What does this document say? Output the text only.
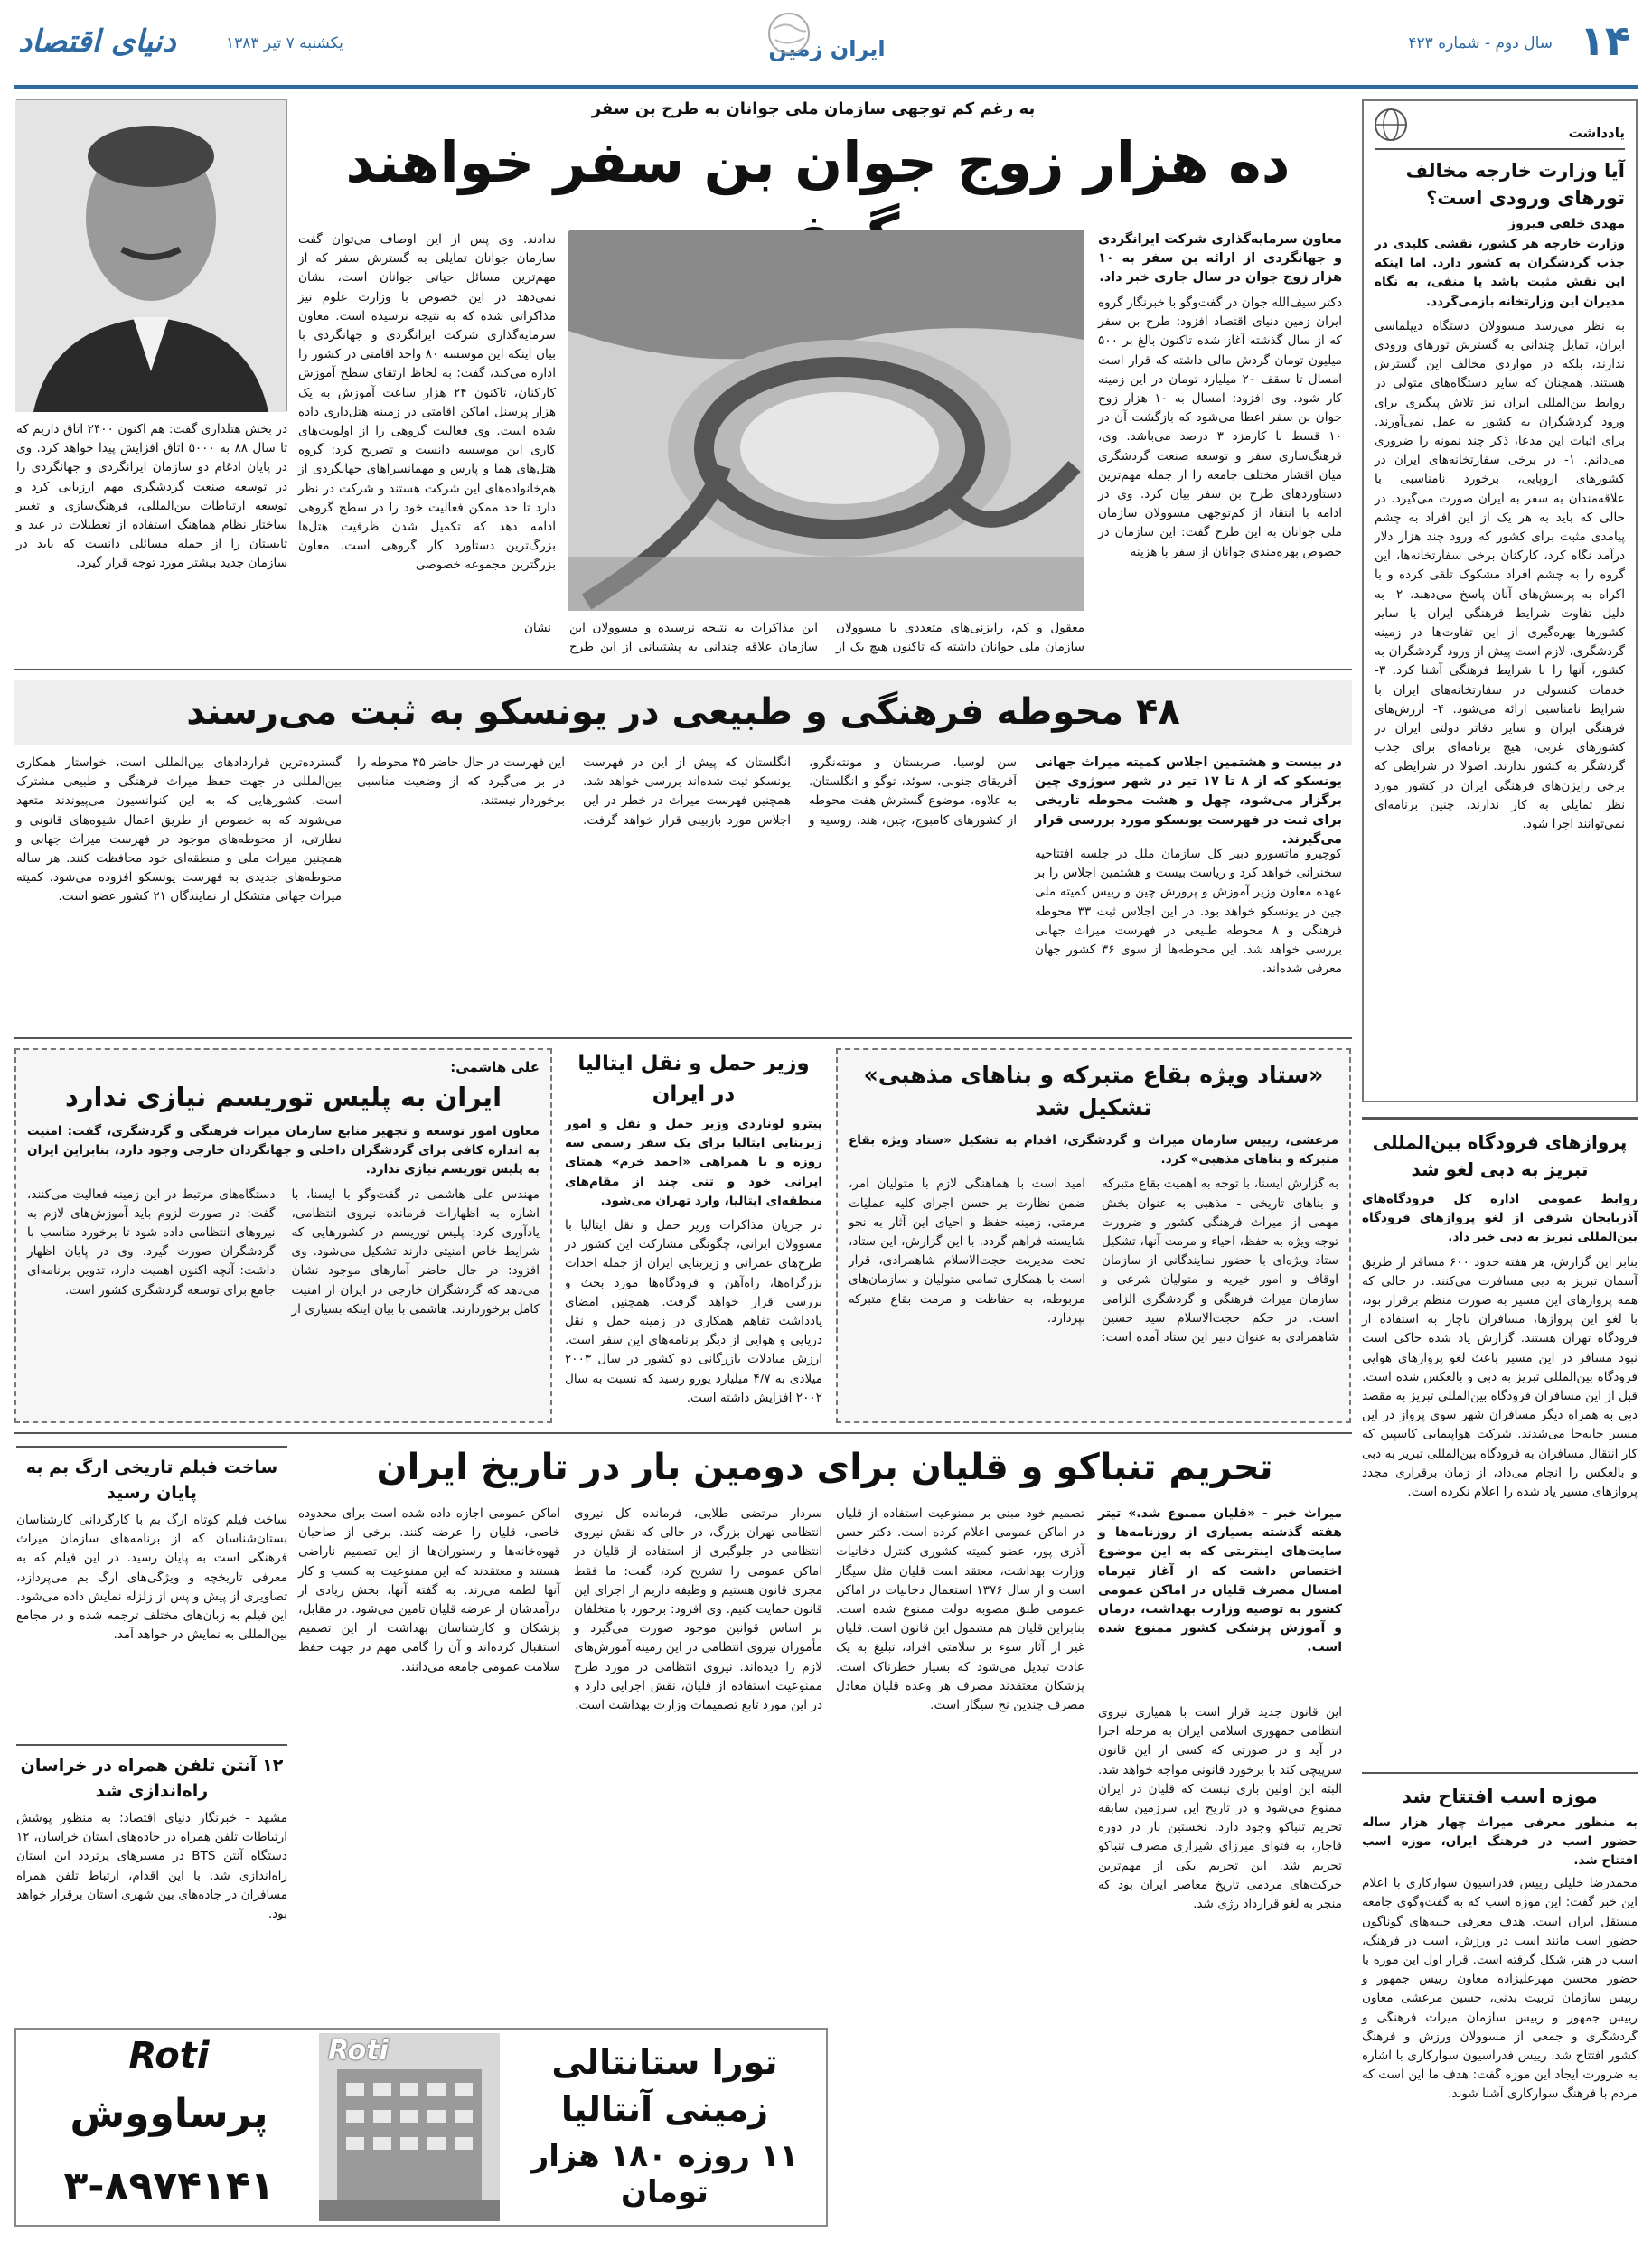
۱۴
سال دوم - شماره ۴۲۳
ایران زمین
یکشنبه ۷ تیر ۱۳۸۳
دنیای اقتصاد
یادداشت
آیا وزارت خارجه مخالف تورهای ورودی است؟
مهدی خلفی فیروز
وزارت خارجه هر کشور، نقشی کلیدی در جذب گردشگران به کشور دارد. اما اینکه این نقش مثبت باشد یا منفی، به نگاه مدیران این وزارتخانه بازمی‌گردد.
به نظر می‌رسد مسوولان دستگاه دیپلماسی ایران، تمایل چندانی به گسترش تورهای ورودی ندارند، بلکه در مواردی مخالف این گسترش هستند. همچنان که سایر دستگاه‌های متولی در روابط بین‌المللی ایران نیز تلاش پیگیری برای ورود گردشگران به کشور به عمل نمی‌آورند. برای اثبات این مدعا، ذکر چند نمونه را ضروری می‌دانم. ۱- در برخی سفارتخانه‌های ایران در کشورهای اروپایی، برخورد نامناسبی با علاقه‌مندان به سفر به ایران صورت می‌گیرد. در حالی که باید به هر یک از این افراد به چشم پیامدی مثبت برای کشور که ورود چند هزار دلار درآمد نگاه کرد، کارکنان برخی سفارتخانه‌ها، این گروه را به چشم افراد مشکوک تلقی کرده و با اکراه به پرسش‌های آنان پاسخ می‌دهند. ۲- به دلیل تفاوت شرایط فرهنگی ایران با سایر کشورها بهره‌گیری از این تفاوت‌ها در زمینه گردشگری، لازم است پیش از ورود گردشگران به کشور، آنها را با شرایط فرهنگی آشنا کرد. ۳- خدمات کنسولی در سفارتخانه‌های ایران با شرایط نامناسبی ارائه می‌شود. ۴- ارزش‌های فرهنگی ایران و سایر دفاتر دولتی ایران در کشورهای غربی، هیچ برنامه‌ای برای جذب گردشگر به کشور ندارند. اصولا در شرایطی که برخی رایزن‌های فرهنگی ایران در کشور مورد نظر تمایلی به کار ندارند، چنین برنامه‌ای نمی‌توانند اجرا شود.
پروازهای فرودگاه بین‌المللی تبریز به دبی لغو شد
روابط عمومی اداره کل فرودگاه‌های آذربایجان شرقی از لغو پروازهای فرودگاه بین‌المللی تبریز به دبی خبر داد.
بنابر این گزارش، هر هفته حدود ۶۰۰ مسافر از طریق آسمان تبریز به دبی مسافرت می‌کنند. در حالی که همه پروازهای این مسیر به صورت منظم برقرار بود، با لغو این پروازها، مسافران ناچار به استفاده از فرودگاه تهران هستند. گزارش یاد شده حاکی است نبود مسافر در این مسیر باعث لغو پروازهای هوایی فرودگاه بین‌المللی تبریز به دبی و بالعکس شده است. قبل از این مسافران فرودگاه بین‌المللی تبریز به مقصد دبی به همراه دیگر مسافران شهر سوی پرواز در این مسیر جابه‌جا می‌شدند. شرکت هواپیمایی کاسپین که کار انتقال مسافران به فرودگاه بین‌المللی تبریز به دبی و بالعکس را انجام می‌داد، از زمان برقراری مجدد پروازهای مسیر یاد شده را اعلام نکرده است.
موزه اسب افتتاح شد
به منظور معرفی میراث چهار هزار ساله حضور اسب در فرهنگ ایران، موزه اسب افتتاح شد.
محمدرضا خلیلی رییس فدراسیون سوارکاری با اعلام این خبر گفت: این موزه اسب که به گفت‌وگوی جامعه مستقل ایران است. هدف معرفی جنبه‌های گوناگون حضور اسب مانند اسب در ورزش، اسب در فرهنگ، اسب در هنر، شکل گرفته است. قرار اول این موزه با حضور محسن مهرعلیزاده معاون رییس جمهور و رییس سازمان تربیت بدنی، حسین مرعشی معاون رییس جمهور و رییس سازمان میراث فرهنگی و گردشگری و جمعی از مسوولان ورزش و فرهنگ کشور افتتاح شد. رییس فدراسیون سوارکاری با اشاره به ضرورت ایجاد این موزه گفت: هدف ما این است که مردم با فرهنگ سوارکاری آشنا شوند.
به رغم کم توجهی سازمان ملی جوانان به طرح بن سفر
ده هزار زوج جوان بن سفر خواهند
معاون سرمایه‌گذاری شرکت ایرانگردی و جهانگردی از ارائه بن سفر به ۱۰ هزار زوج جوان در سال جاری خبر داد.
دکتر سیف‌الله جوان در گفت‌وگو با خبرنگار گروه ایران زمین دنیای اقتصاد افزود: طرح بن سفر که از سال گذشته آغاز شده تاکنون بالغ بر ۵۰۰ میلیون تومان گردش مالی داشته که قرار است امسال تا سقف ۲۰ میلیارد تومان در این زمینه کار شود. وی افزود: امسال به ۱۰ هزار زوج جوان بن سفر اعطا می‌شود که بازگشت آن در ۱۰ قسط با کارمزد ۳ درصد می‌باشد. وی، فرهنگ‌سازی سفر و توسعه صنعت گردشگری میان اقشار مختلف جامعه را از جمله مهم‌ترین دستاوردهای طرح بن سفر بیان کرد. وی در ادامه با انتقاد از کم‌توجهی مسوولان سازمان ملی جوانان به این طرح گفت: این سازمان در خصوص بهره‌مندی جوانان از سفر با هزینه
معقول و کم، رایزنی‌های متعددی با مسوولان سازمان ملی جوانان داشته که تاکنون هیچ یک از این مذاکرات به نتیجه نرسیده و مسوولان این سازمان علاقه چندانی به پشتیبانی از این طرح نشان
ندادند. وی پس از این اوصاف می‌توان گفت سازمان جوانان تمایلی به گسترش سفر که از مهم‌ترین مسائل حیاتی جوانان است، نشان نمی‌دهد در این خصوص با وزارت علوم نیز مذاکراتی شده که به نتیجه نرسیده است. معاون سرمایه‌گذاری شرکت ایرانگردی و جهانگردی با بیان اینکه این موسسه ۸۰ واحد اقامتی در کشور را اداره می‌کند، گفت: به لحاظ ارتقای سطح آموزش کارکنان، تاکنون ۲۴ هزار ساعت آموزش به یک هزار پرسنل اماکن اقامتی در زمینه هتل‌داری داده شده است. وی فعالیت گروهی را از اولویت‌های کاری این موسسه دانست و تصریح کرد: گروه هتل‌های هما و پارس و مهمانسراهای جهانگردی از هم‌خانواده‌های این شرکت هستند و شرکت در نظر دارد تا حد ممکن فعالیت خود را در سطح گروهی ادامه دهد که تکمیل شدن ظرفیت هتل‌ها بزرگ‌ترین دستاورد کار گروهی است. معاون بزرگترین مجموعه خصوصی
در بخش هتلداری گفت: هم اکنون ۲۴۰۰ اتاق داریم که تا سال ۸۸ به ۵۰۰۰ اتاق افزایش پیدا خواهد کرد. وی در پایان ادغام دو سازمان ایرانگردی و جهانگردی را در توسعه صنعت گردشگری مهم ارزیابی کرد و توسعه ارتباطات بین‌المللی، فرهنگ‌سازی و تغییر ساختار نظام هماهنگ استفاده از تعطیلات در عید و تابستان را از جمله مسائلی دانست که باید در سازمان جدید بیشتر مورد توجه قرار گیرد.
۴۸ محوطه فرهنگی و طبیعی در یونسکو به ثبت می‌رسند
در بیست و هشتمین اجلاس کمیته میراث جهانی یونسکو که از ۸ تا ۱۷ تیر در شهر سوژوی چین برگزار می‌شود، چهل و هشت محوطه تاریخی برای ثبت در فهرست یونسکو مورد بررسی قرار می‌گیرند.
کوچیرو ماتسورو دبیر کل سازمان ملل در جلسه افتتاحیه سخنرانی خواهد کرد و ریاست بیست و هشتمین اجلاس را بر عهده معاون وزیر آموزش و پرورش چین و رییس کمیته ملی چین در یونسکو خواهد بود. در این اجلاس ثبت ۳۳ محوطه فرهنگی و ۸ محوطه طبیعی در فهرست میراث جهانی بررسی خواهد شد. این محوطه‌ها از سوی ۳۶ کشور جهان معرفی شده‌اند.
سن لوسیا، صربستان و مونته‌نگرو، آفریقای جنوبی، سوئد، توگو و انگلستان. به علاوه، موضوع گسترش هفت محوطه از کشورهای کامبوج، چین، هند، روسیه و انگلستان که پیش از این در فهرست یونسکو ثبت شده‌اند بررسی خواهد شد. همچنین فهرست میراث در خطر در این اجلاس مورد بازبینی قرار خواهد گرفت. این فهرست در حال حاضر ۳۵ محوطه را در بر می‌گیرد که از وضعیت مناسبی برخوردار نیستند.
گسترده‌ترین قراردادهای بین‌المللی است، خواستار همکاری بین‌المللی در جهت حفظ میراث فرهنگی و طبیعی مشترک است. کشورهایی که به این کنوانسیون می‌پیوندند متعهد می‌شوند که به خصوص از طریق اعمال شیوه‌های قانونی و نظارتی، از محوطه‌های موجود در فهرست میراث جهانی و همچنین میراث ملی و منطقه‌ای خود محافظت کنند. هر ساله محوطه‌های جدیدی به فهرست یونسکو افزوده می‌شود. کمیته میراث جهانی متشکل از نمایندگان ۲۱ کشور عضو است.
«ستاد ویژه بقاع متبرکه و بناهای مذهبی» تشکیل شد
مرعشی، رییس سازمان میراث و گردشگری، اقدام به تشکیل «ستاد ویژه بقاع متبرکه و بناهای مذهبی» کرد.
به گزارش ایسنا، با توجه به اهمیت بقاع متبرکه و بناهای تاریخی - مذهبی به عنوان بخش مهمی از میراث فرهنگی کشور و ضرورت توجه ویژه به حفظ، احیاء و مرمت آنها، تشکیل ستاد ویژه‌ای با حضور نمایندگانی از سازمان اوقاف و امور خیریه و متولیان شرعی و سازمان میراث فرهنگی و گردشگری الزامی است. در حکم حجت‌الاسلام سید حسین شاهمرادی به عنوان دبیر این ستاد آمده است: امید است با هماهنگی لازم با متولیان امر، ضمن نظارت بر حسن اجرای کلیه عملیات مرمتی، زمینه حفظ و احیای این آثار به نحو شایسته فراهم گردد. با این گزارش، این ستاد، تحت مدیریت حجت‌الاسلام شاهمرادی، قرار است با همکاری تمامی متولیان و سازمان‌های مربوطه، به حفاظت و مرمت بقاع متبرکه بپردازد.
وزیر حمل و نقل ایتالیا در ایران
پیترو لوناردی وزیر حمل و نقل و امور زیربنایی ایتالیا برای یک سفر رسمی سه روزه و با همراهی «احمد خرم» همتای ایرانی خود و تنی چند از مقام‌های منطقه‌ای ایتالیا، وارد تهران می‌شود.
در جریان مذاکرات وزیر حمل و نقل ایتالیا با مسوولان ایرانی، چگونگی مشارکت این کشور در طرح‌های عمرانی و زیربنایی ایران از جمله احداث بزرگراه‌ها، راه‌آهن و فرودگاه‌ها مورد بحث و بررسی قرار خواهد گرفت. همچنین امضای یادداشت تفاهم همکاری در زمینه حمل و نقل دریایی و هوایی از دیگر برنامه‌های این سفر است. ارزش مبادلات بازرگانی دو کشور در سال ۲۰۰۳ میلادی به ۴/۷ میلیارد یورو رسید که نسبت به سال ۲۰۰۲ افزایش داشته است.
علی هاشمی:
ایران به پلیس توریسم نیازی ندارد
معاون امور توسعه و تجهیز منابع سازمان میراث فرهنگی و گردشگری، گفت: امنیت به اندازه کافی برای گردشگران داخلی و جهانگردان خارجی وجود دارد، بنابراین ایران به پلیس توریسم نیازی ندارد.
مهندس علی هاشمی در گفت‌وگو با ایسنا، با اشاره به اظهارات فرمانده نیروی انتظامی، یادآوری کرد: پلیس توریسم در کشورهایی که شرایط خاص امنیتی دارند تشکیل می‌شود. وی افزود: در حال حاضر آمارهای موجود نشان می‌دهد که گردشگران خارجی در ایران از امنیت کامل برخوردارند. هاشمی با بیان اینکه بسیاری از دستگاه‌های مرتبط در این زمینه فعالیت می‌کنند، گفت: در صورت لزوم باید آموزش‌های لازم به نیروهای انتظامی داده شود تا برخورد مناسب با گردشگران صورت گیرد. وی در پایان اظهار داشت: آنچه اکنون اهمیت دارد، تدوین برنامه‌ای جامع برای توسعه گردشگری کشور است.
تحریم تنباکو و قلیان برای دومین بار در تاریخ ایران
میراث خبر - «قلیان ممنوع شد.» تیتر هفته گذشته بسیاری از روزنامه‌ها و سایت‌های اینترنتی که به این موضوع اختصاص داشت که از آغاز تیرماه امسال مصرف قلیان در اماکن عمومی کشور به توصیه وزارت بهداشت، درمان و آموزش پزشکی کشور ممنوع شده است.
این قانون جدید قرار است با همیاری نیروی انتظامی جمهوری اسلامی ایران به مرحله اجرا در آید و در صورتی که کسی از این قانون سرپیچی کند با برخورد قانونی مواجه خواهد شد. البته این اولین باری نیست که قلیان در ایران ممنوع می‌شود و در تاریخ این سرزمین سابقه تحریم تنباکو وجود دارد. نخستین بار در دوره قاجار، به فتوای میرزای شیرازی مصرف تنباکو تحریم شد. این تحریم یکی از مهم‌ترین حرکت‌های مردمی تاریخ معاصر ایران بود که منجر به لغو قرارداد رژی شد.
تصمیم خود مبنی بر ممنوعیت استفاده از قلیان در اماکن عمومی اعلام کرده است. دکتر حسن آذری پور، عضو کمیته کشوری کنترل دخانیات وزارت بهداشت، معتقد است قلیان مثل سیگار است و از سال ۱۳۷۶ استعمال دخانیات در اماکن عمومی طبق مصوبه دولت ممنوع شده است. بنابراین قلیان هم مشمول این قانون است. قلیان غیر از آثار سوء بر سلامتی افراد، تبلیغ به یک عادت تبدیل می‌شود که بسیار خطرناک است. پزشکان معتقدند مصرف هر وعده قلیان معادل مصرف چندین نخ سیگار است.
سردار مرتضی طلایی، فرمانده کل نیروی انتظامی تهران بزرگ، در حالی که نقش نیروی انتظامی در جلوگیری از استفاده از قلیان در اماکن عمومی را تشریح کرد، گفت: ما فقط مجری قانون هستیم و وظیفه داریم از اجرای این قانون حمایت کنیم. وی افزود: برخورد با متخلفان بر اساس قوانین موجود صورت می‌گیرد و مأموران نیروی انتظامی در این زمینه آموزش‌های لازم را دیده‌اند. نیروی انتظامی در مورد طرح ممنوعیت استفاده از قلیان، نقش اجرایی دارد و در این مورد تابع تصمیمات وزارت بهداشت است.
اماکن عمومی اجازه داده شده است برای محدوده خاصی، قلیان را عرضه کنند. برخی از صاحبان قهوه‌خانه‌ها و رستوران‌ها از این تصمیم ناراضی هستند و معتقدند که این ممنوعیت به کسب و کار آنها لطمه می‌زند. به گفته آنها، بخش زیادی از درآمدشان از عرضه قلیان تامین می‌شود. در مقابل، پزشکان و کارشناسان بهداشت از این تصمیم استقبال کرده‌اند و آن را گامی مهم در جهت حفظ سلامت عمومی جامعه می‌دانند.
ساخت فیلم تاریخی ارگ بم به پایان رسید
ساخت فیلم کوتاه ارگ بم با کارگردانی کارشناسان بستان‌شناسان که از برنامه‌های سازمان میراث فرهنگی است به پایان رسید. در این فیلم که به معرفی تاریخچه و ویژگی‌های ارگ بم می‌پردازد، تصاویری از پیش و پس از زلزله نمایش داده می‌شود. این فیلم به زبان‌های مختلف ترجمه شده و در مجامع بین‌المللی به نمایش در خواهد آمد.
۱۲ آنتن تلفن همراه در خراسان راه‌اندازی شد
مشهد - خبرنگار دنیای اقتصاد: به منظور پوشش ارتباطات تلفن همراه در جاده‌های استان خراسان، ۱۲ دستگاه آنتن BTS در مسیرهای پرتردد این استان راه‌اندازی شد. با این اقدام، ارتباط تلفن همراه مسافران در جاده‌های بین شهری استان برقرار خواهد بود.
Roti	تورا ستانتالی زمینی آنتالیا
۱۱ روزه ۱۸۰ هزار تومان
Roti
پرساووش
۳-۸۹۷۴۱۴۱
